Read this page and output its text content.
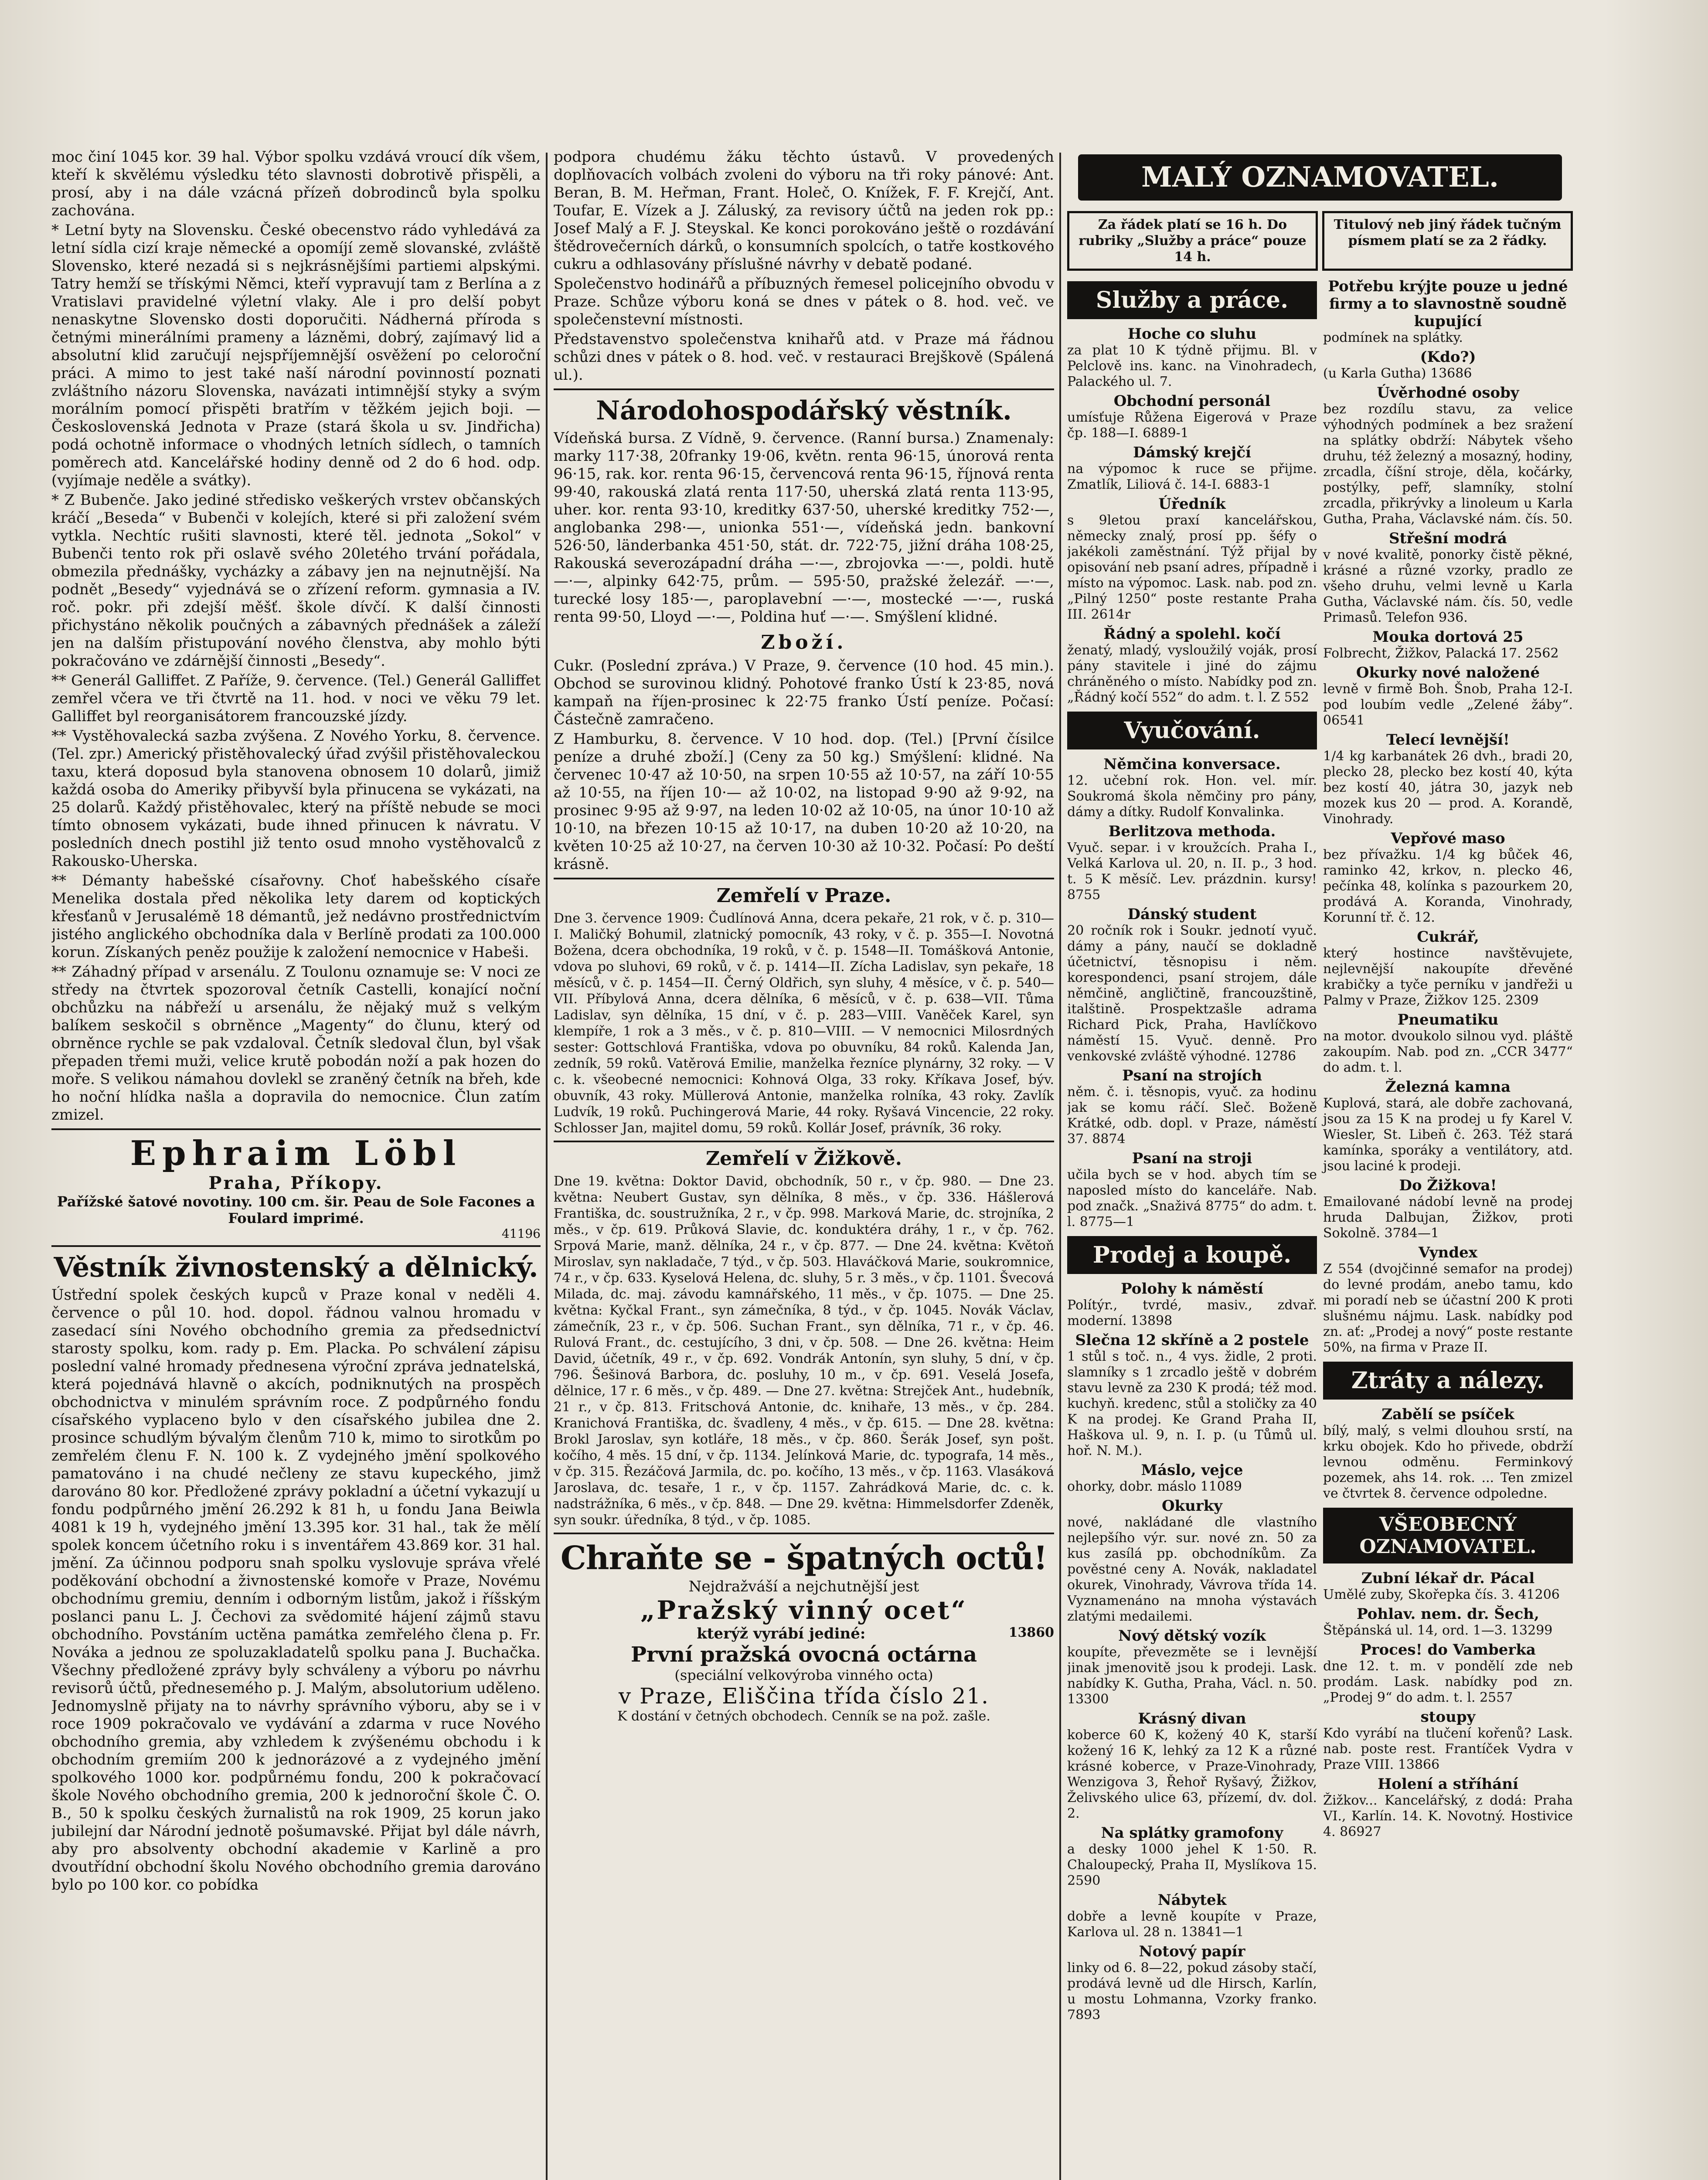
moc činí 1045 kor. 39 hal. Výbor spolku vzdává vroucí dík všem, kteří k skvělému výsledku této slavnosti dobrotivě přispěli, a prosí, aby i na dále vzácná přízeň dobrodinců byla spolku zachována.

* Letní byty na Slovensku. České obecenstvo rádo vyhledává za letní sídla cizí kraje německé a opomíjí země slovanské, zvláště Slovensko, které nezadá si s nejkrásnějšími partiemi alpskými. Tatry hemží se třískými Němci, kteří vypravují tam z Berlína a z Vratislavi pravidelné výletní vlaky. Ale i pro delší pobyt nenaskytne Slovensko dosti doporučiti. Nádherná příroda s četnými minerálními prameny a lázněmi, dobrý, zajímavý lid a absolutní klid zaručují nejspříjemnější osvěžení po celoroční práci. A mimo to jest také naší národní povinností poznati zvláštního názoru Slovenska, navázati intimnější styky a svým morálním pomocí přispěti bratřím v těžkém jejich boji. — Československá Jednota v Praze (stará škola u sv. Jindřicha) podá ochotně informace o vhodných letních sídlech, o tamních poměrech atd. Kancelářské hodiny denně od 2 do 6 hod. odp. (vyjímaje neděle a svátky).

* Z Bubenče. Jako jediné středisko veškerých vrstev občanských kráčí „Beseda“ v Bubenči v kolejích, které si při založení svém vytkla. Nechtíc rušiti slavnosti, které těl. jednota „Sokol“ v Bubenči tento rok při oslavě svého 20letého trvání pořádala, obmezila přednášky, vycházky a zábavy jen na nejnutnější. Na podnět „Besedy“ vyjednává se o zřízení reform. gymnasia a IV. roč. pokr. při zdejší měšť. škole dívčí. K další činnosti přichystáno několik poučných a zábavných přednášek a záleží jen na dalším přistupování nového členstva, aby mohlo býti pokračováno ve zdárnější činnosti „Besedy“.

** Generál Galliffet. Z Paříže, 9. července. (Tel.) Generál Galliffet zemřel včera ve tři čtvrtě na 11. hod. v noci ve věku 79 let. Galliffet byl reorganisátorem francouzské jízdy.

** Vystěhovalecká sazba zvýšena. Z Nového Yorku, 8. července. (Tel. zpr.) Americký přistěhovalecký úřad zvýšil přistěhovaleckou taxu, která doposud byla stanovena obnosem 10 dolarů, jimiž každá osoba do Ameriky přibyvší byla přinucena se vykázati, na 25 dolarů. Každý přistěhovalec, který na příště nebude se moci tímto obnosem vykázati, bude ihned přinucen k návratu. V posledních dnech postihl již tento osud mnoho vystěhovalců z Rakousko-Uherska.

** Démanty habešské císařovny. Choť habešského císaře Menelika dostala před několika lety darem od koptických křesťanů v Jerusalémě 18 démantů, jež nedávno prostřednictvím jistého anglického obchodníka dala v Berlíně prodati za 100.000 korun. Získaných peněz použije k založení nemocnice v Habeši.

** Záhadný případ v arsenálu. Z Toulonu oznamuje se: V noci ze středy na čtvrtek spozoroval četník Castelli, konající noční obchůzku na nábřeží u arsenálu, že nějaký muž s velkým balíkem seskočil s obrněnce „Magenty“ do člunu, který od obrněnce rychle se pak vzdaloval. Četník sledoval člun, byl však přepaden třemi muži, velice krutě pobodán noží a pak hozen do moře. S velikou námahou dovlekl se zraněný četník na břeh, kde ho noční hlídka našla a dopravila do nemocnice. Člun zatím zmizel.

Ephraim Löbl
Praha, Příkopy.
Pařížské šatové novotiny. 100 cm. šir. Peau de Sole Facones a Foulard imprimé.
41196
Věstník živnostenský a dělnický.

Ústřední spolek českých kupců v Praze konal v neděli 4. července o půl 10. hod. dopol. řádnou valnou hromadu v zasedací síni Nového obchodního gremia za předsednictví starosty spolku, kom. rady p. Em. Placka. Po schválení zápisu poslední valné hromady přednesena výroční zpráva jednatelská, která pojednává hlavně o akcích, podniknutých na prospěch obchodnictva v minulém správním roce. Z podpůrného fondu císařského vyplaceno bylo v den císařského jubilea dne 2. prosince schudlým bývalým členům 710 k, mimo to sirotkům po zemřelém členu F. N. 100 k. Z vydejného jmění spolkového pamatováno i na chudé nečleny ze stavu kupeckého, jimž darováno 80 kor. Předložené zprávy pokladní a účetní vykazují u fondu podpůrného jmění 26.292 k 81 h, u fondu Jana Beiwla 4081 k 19 h, vydejného jmění 13.395 kor. 31 hal., tak že mělí spolek koncem účetního roku i s inventářem 43.869 kor. 31 hal. jmění. Za účinnou podporu snah spolku vyslovuje správa vřelé poděkování obchodní a živnostenské komoře v Praze, Novému obchodnímu gremiu, denním i odborným listům, jakož i říšským poslanci panu L. J. Čechovi za svědomité hájení zájmů stavu obchodního. Povstáním uctěna památka zemřelého člena p. Fr. Nováka a jednou ze spoluzakladatelů spolku pana J. Buchačka. Všechny předložené zprávy byly schváleny a výboru po návrhu revisorů účtů, přednesemého p. J. Malým, absolutorium uděleno. Jednomyslně přijaty na to návrhy správního výboru, aby se i v roce 1909 pokračovalo ve vydávání a zdarma v ruce Nového obchodního gremia, aby vzhledem k zvýšenému obchodu i k obchodním gremiím 200 k jednorázové a z vydejného jmění spolkového 1000 kor. podpůrnému fondu, 200 k pokračovací škole Nového obchodního gremia, 200 k jednoroční škole Č. O. B., 50 k spolku českých žurnalistů na rok 1909, 25 korun jako jubilejní dar Národní jednotě pošumavské. Přijat byl dále návrh, aby pro absolventy obchodní akademie v Karlině a pro dvoutřídní obchodní školu Nového obchodního gremia darováno bylo po 100 kor. co pobídka

podpora chudému žáku těchto ústavů. V provedených doplňovacích volbách zvoleni do výboru na tři roky pánové: Ant. Beran, B. M. Heřman, Frant. Holeč, O. Knížek, F. F. Krejčí, Ant. Toufar, E. Vízek a J. Záluský, za revisory účtů na jeden rok pp.: Josef Malý a F. J. Steyskal. Ke konci porokováno ještě o rozdávání štědrovečerních dárků, o konsumních spolcích, o tatře kostkového cukru a odhlasovány příslušné návrhy v debatě podané.

Společenstvo hodinářů a příbuzných řemesel policejního obvodu v Praze. Schůze výboru koná se dnes v pátek o 8. hod. več. ve společenstevní místnosti.

Představenstvo společenstva knihařů atd. v Praze má řádnou schůzi dnes v pátek o 8. hod. več. v restauraci Brejškově (Spálená ul.).

Národohospodářský věstník.

Vídeňská bursa. Z Vídně, 9. července. (Ranní bursa.) Znamenaly: marky 117·38, 20franky 19·06, květn. renta 96·15, únorová renta 96·15, rak. kor. renta 96·15, červencová renta 96·15, říjnová renta 99·40, rakouská zlatá renta 117·50, uherská zlatá renta 113·95, uher. kor. renta 93·10, kreditky 637·50, uherské kreditky 752·—, anglobanka 298·—, unionka 551·—, vídeňská jedn. bankovní 526·50, länderbanka 451·50, stát. dr. 722·75, jižní dráha 108·25, Rakouská severozápadní dráha —·—, zbrojovka —·—, poldi. hutě —·—, alpinky 642·75, prům. — 595·50, pražské železář. —·—, turecké losy 185·—, paroplavební —·—, mostecké —·—, ruská renta 99·50, Lloyd —·—, Poldina huť —·—. Smýšlení klidné.

Zboží.

Cukr. (Poslední zpráva.) V Praze, 9. července (10 hod. 45 min.). Obchod se surovinou klidný. Pohotové franko Ústí k 23·85, nová kampaň na říjen-prosinec k 22·75 franko Ústí peníze. Počasí: Částečně zamračeno.

Z Hamburku, 8. července. V 10 hod. dop. (Tel.) [První čísilce peníze a druhé zboží.] (Ceny za 50 kg.) Smýšlení: klidné. Na červenec 10·47 až 10·50, na srpen 10·55 až 10·57, na září 10·55 až 10·55, na říjen 10·— až 10·02, na listopad 9·90 až 9·92, na prosinec 9·95 až 9·97, na leden 10·02 až 10·05, na únor 10·10 až 10·10, na březen 10·15 až 10·17, na duben 10·20 až 10·20, na květen 10·25 až 10·27, na červen 10·30 až 10·32. Počasí: Po deští krásně.

Zemřelí v Praze.

Dne 3. července 1909: Čudlínová Anna, dcera pekaře, 21 rok, v č. p. 310—I. Maličký Bohumil, zlatnický pomocník, 43 roky, v č. p. 355—I. Novotná Božena, dcera obchodníka, 19 roků, v č. p. 1548—II. Tomášková Antonie, vdova po sluhovi, 69 roků, v č. p. 1414—II. Zícha Ladislav, syn pekaře, 18 měsíců, v č. p. 1454—II. Černý Oldřich, syn sluhy, 4 měsíce, v č. p. 540—VII. Příbylová Anna, dcera dělníka, 6 měsíců, v č. p. 638—VII. Tůma Ladislav, syn dělníka, 15 dní, v č. p. 283—VIII. Vaněček Karel, syn klempíře, 1 rok a 3 měs., v č. p. 810—VIII. — V nemocnici Milosrdných sester: Gottschlová Františka, vdova po obuvníku, 84 roků. Kalenda Jan, zedník, 59 roků. Vatěrová Emilie, manželka řezníce plynárny, 32 roky. — V c. k. všeobecné nemocnici: Kohnová Olga, 33 roky. Kříkava Josef, býv. obuvník, 43 roky. Müllerová Antonie, manželka rolníka, 43 roky. Zavlík Ludvík, 19 roků. Puchingerová Marie, 44 roky. Ryšavá Vincencie, 22 roky. Schlosser Jan, majitel domu, 59 roků. Kollár Josef, právník, 36 roky.

Zemřelí v Žižkově.

Dne 19. května: Doktor David, obchodník, 50 r., v čp. 980. — Dne 23. května: Neubert Gustav, syn dělníka, 8 měs., v čp. 336. Hášlerová Františka, dc. soustružníka, 2 r., v čp. 998. Marková Marie, dc. strojníka, 2 měs., v čp. 619. Průková Slavie, dc. konduktéra dráhy, 1 r., v čp. 762. Srpová Marie, manž. dělníka, 24 r., v čp. 877. — Dne 24. května: Květoň Miroslav, syn nakladače, 7 týd., v čp. 503. Hlaváčková Marie, soukromnice, 74 r., v čp. 633. Kyselová Helena, dc. sluhy, 5 r. 3 měs., v čp. 1101. Švecová Milada, dc. maj. závodu kamnářského, 11 měs., v čp. 1075. — Dne 25. května: Kyčkal Frant., syn zámečníka, 8 týd., v čp. 1045. Novák Václav, zámečník, 23 r., v čp. 506. Suchan Frant., syn dělníka, 71 r., v čp. 46. Rulová Frant., dc. cestujícího, 3 dni, v čp. 508. — Dne 26. května: Heim David, účetník, 49 r., v čp. 692. Vondrák Antonín, syn sluhy, 5 dní, v čp. 796. Šešinová Barbora, dc. posluhy, 10 m., v čp. 691. Veselá Josefa, dělnice, 17 r. 6 měs., v čp. 489. — Dne 27. května: Strejček Ant., hudebník, 21 r., v čp. 813. Fritschová Antonie, dc. knihaře, 13 měs., v čp. 284. Kranichová Františka, dc. švadleny, 4 měs., v čp. 615. — Dne 28. května: Brokl Jaroslav, syn kotláře, 18 měs., v čp. 860. Šerák Josef, syn pošt. kočího, 4 měs. 15 dní, v čp. 1134. Jelínková Marie, dc. typografa, 14 měs., v čp. 315. Řezáčová Jarmila, dc. po. kočího, 13 měs., v čp. 1163. Vlasáková Jaroslava, dc. tesaře, 1 r., v čp. 1157. Zahrádková Marie, dc. c. k. nadstrážníka, 6 měs., v čp. 848. — Dne 29. května: Himmelsdorfer Zdeněk, syn soukr. úředníka, 8 týd., v čp. 1085.

Chraňte se - špatných octů!
Nejdražváší a nejchutnější jest
„Pražský vinný ocet“
kterýž vyrábí jediné:	13860
První pražská ovocná octárna
(speciální velkovýroba vinného octa)
v Praze, Eliščina třída číslo 21.
K dostání v četných obchodech. Cenník se na pož. zašle.
MALÝ OZNAMOVATEL.
Za řádek platí se 16 h. Do rubriky „Služby a práce“ pouze 14 h.
Titulový neb jiný řádek tučným písmem platí se za 2 řádky.
Služby a práce.
Hoche co sluhu
za plat 10 K týdně přijmu. Bl. v Pelclově ins. kanc. na Vinohradech, Palackého ul. 7.
Obchodní personál
umísťuje Růžena Eigerová v Praze čp. 188—I. 6889-1
Dámský krejčí
na výpomoc k ruce se přijme. Zmatlík, Liliová č. 14-I. 6883-1
Úředník
s 9letou praxí kancelářskou, německy znalý, prosí pp. šéfy o jakékoli zaměstnání. Týž přijal by opisování neb psaní adres, případně i místo na výpomoc. Lask. nab. pod zn. „Pilný 1250“ poste restante Praha III. 2614r
Řádný a spolehl. kočí
ženatý, mladý, vysloužilý voják, prosí pány stavitele i jiné do zájmu chráněného o místo. Nabídky pod zn. „Řádný kočí 552“ do adm. t. l. Z 552
Vyučování.
Němčina konversace.
12. učební rok. Hon. vel. mír. Soukromá škola němčiny pro pány, dámy a dítky. Rudolf Konvalinka.
Berlitzova methoda.
Vyuč. separ. i v kroužcích. Praha I., Velká Karlova ul. 20, n. II. p., 3 hod. t. 5 K měsíč. Lev. prázdnin. kursy! 8755
Dánský student
20 ročník rok i Soukr. jednotí vyuč. dámy a pány, naučí se dokladně účetnictví, těsnopisu i něm. korespondenci, psaní strojem, dále němčině, angličtině, francouzštině, italštině. Prospektzašle adrama Richard Pick, Praha, Havlíčkovo náměstí 15. Vyuč. denně. Pro venkovské zvláště výhodné. 12786
Psaní na strojích
něm. č. i. těsnopis, vyuč. za hodinu jak se komu ráčí. Sleč. Boženě Krátké, odb. dopl. v Praze, náměstí 37. 8874
Psaní na stroji
učila bych se v hod. abych tím se naposled místo do kanceláře. Nab. pod značk. „Snaživá 8775“ do adm. t. l. 8775—1
Prodej a koupě.
Polohy k náměstí
Polítýr., tvrdé, masiv., zdvař. moderní. 13898
Slečna 12 skříně a 2 postele
1 stůl s toč. n., 4 vys. židle, 2 proti. slamníky s 1 zrcadlo ještě v dobrém stavu levně za 230 K prodá; též mod. kuchyň. kredenc, stůl a stoličky za 40 K na prodej. Ke Grand Praha II, Haškova ul. 9, n. I. p. (u Tůmů ul. hoř. N. M.).
Máslo, vejce
ohorky, dobr. máslo 11089
Okurky
nové, nakládané dle vlastního nejlepšího výr. sur. nové zn. 50 za kus zasílá pp. obchodníkům. Za pověstné ceny A. Novák, nakladatel okurek, Vinohrady, Vávrova třída 14. Vyznamenáno na mnoha výstavách zlatými medailemi.
Nový dětský vozík
koupíte, převezměte se i levnější jinak jmenovitě jsou k prodeji. Lask. nabídky K. Gutha, Praha, Václ. n. 50. 13300
Krásný divan
koberce 60 K, kožený 40 K, starší kožený 16 K, lehký za 12 K a různé krásné koberce, v Praze-Vinohrady, Wenzigova 3, Řehoř Ryšavý, Žižkov, Želivského ulice 63, přízemí, dv. dol. 2.
Na splátky gramofony
a desky 1000 jehel K 1·50. R. Chaloupecký, Praha II, Myslíkova 15. 2590
Nábytek
dobře a levně koupíte v Praze, Karlova ul. 28 n. 13841—1
Notový papír
linky od 6. 8—22, pokud zásoby stačí, prodává levně ud dle Hirsch, Karlín, u mostu Lohmanna, Vzorky franko. 7893
Potřebu krýjte pouze u jedné firmy a to slavnostně soudně kupující
podmínek na splátky.
(Kdo?)
(u Karla Gutha) 13686
Úvěrhodné osoby
bez rozdílu stavu, za velice výhodných podmínek a bez sražení na splátky obdrží: Nábytek všeho druhu, též železný a mosazný, hodiny, zrcadla, číšní stroje, děla, kočárky, postýlky, pefř, slamníky, stolní zrcadla, přikrývky a linoleum u Karla Gutha, Praha, Václavské nám. čís. 50.
Střešní modrá
v nové kvalitě, ponorky čistě pěkné, krásné a různé vzorky, pradlo ze všeho druhu, velmi levně u Karla Gutha, Václavské nám. čís. 50, vedle Primasů. Telefon 936.
Mouka dortová 25
Folbrecht, Žižkov, Palacká 17. 2562
Okurky nové naložené
levně v firmě Boh. Šnob, Praha 12-I. pod loubím vedle „Zelené žáby“. 06541
Telecí levnější!
1/4 kg karbanátek 26 dvh., bradi 20, plecko 28, plecko bez kostí 40, kýta bez kostí 40, játra 30, jazyk neb mozek kus 20 — prod. A. Korandě, Vinohrady.
Vepřové maso
bez přívažku. 1/4 kg bůček 46, raminko 42, krkov, n. plecko 46, pečínka 48, kolínka s pazourkem 20, prodává A. Koranda, Vinohrady, Korunní tř. č. 12.
Cukrář,
který hostince navštěvujete, nejlevnější nakoupíte dřevěné krabičky a tyče perníku v jandřeži u Palmy v Praze, Žižkov 125. 2309
Pneumatiku
na motor. dvoukolo silnou vyd. pláště zakoupím. Nab. pod zn. „CCR 3477“ do adm. t. l.
Železná kamna
Kuplová, stará, ale dobře zachovaná, jsou za 15 K na prodej u fy Karel V. Wiesler, St. Libeň č. 263. Též stará kamínka, sporáky a ventilátory, atd. jsou laciné k prodeji.
Do Žižkova!
Emailované nádobí levně na prodej hruda Dalbujan, Žižkov, proti Sokolně. 3784—1
Vyndex
Z 554 (dvojčinné semafor na prodej) do levné prodám, anebo tamu, kdo mi poradí neb se účastní 200 K proti slušnému nájmu. Lask. nabídky pod zn. ať: „Prodej a nový“ poste restante 50%, na firma v Praze II.
Ztráty a nálezy.
Zabělí se psíček
bílý, malý, s velmi dlouhou srstí, na krku obojek. Kdo ho přivede, obdrží levnou odměnu. Ferminkový pozemek, ahs 14. rok. ... Ten zmizel ve čtvrtek 8. července odpoledne.
VŠEOBECNÝ OZNAMOVATEL.
Zubní lékař dr. Pácal
Umělé zuby, Skořepka čís. 3. 41206
Pohlav. nem. dr. Šech,
Štěpánská ul. 14, ord. 1—3. 13299
Proces! do Vamberka
dne 12. t. m. v pondělí zde neb prodám. Lask. nabídky pod zn. „Prodej 9“ do adm. t. l. 2557
stoupy
Kdo vyrábí na tlučení kořenů? Lask. nab. poste rest. Frantíček Vydra v Praze VIII. 13866
Holení a stříhání
Žižkov... Kancelářský, z dodá: Praha VI., Karlín. 14. K. Novotný. Hostivice 4. 86927
